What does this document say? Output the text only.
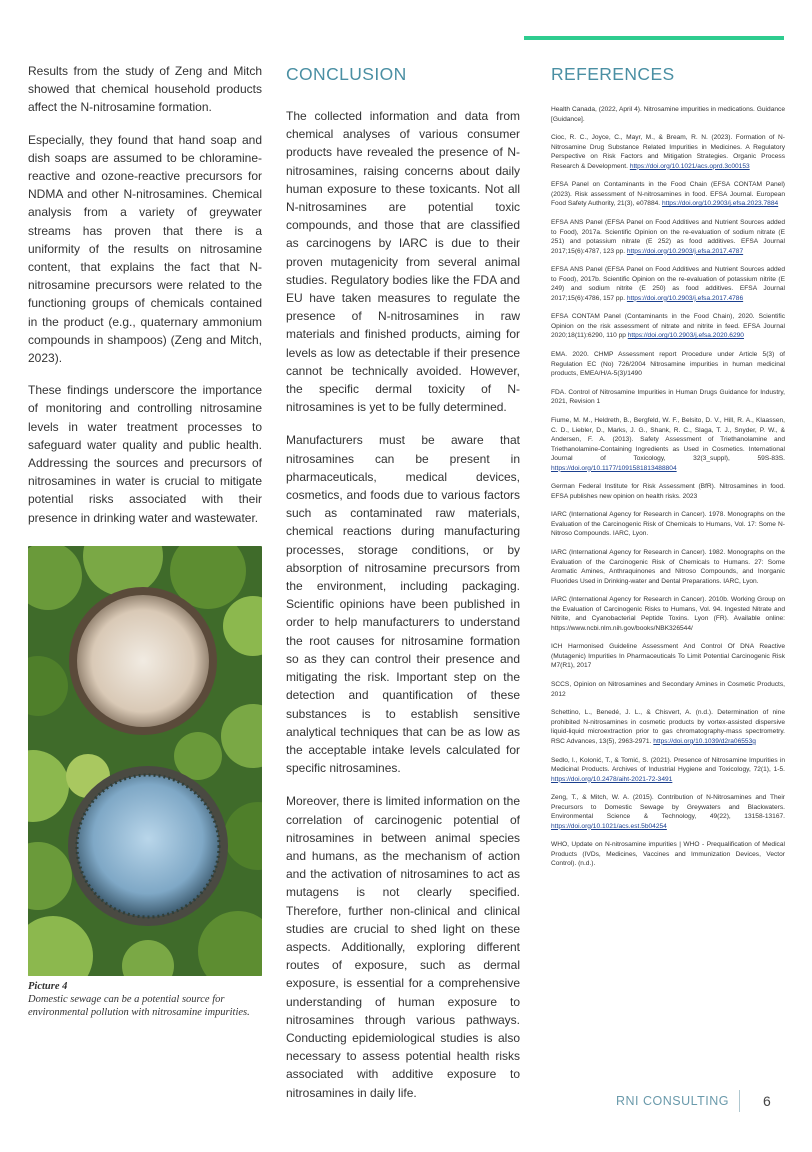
Results from the study of Zeng and Mitch showed that chemical household products affect the N-nitrosamine formation.

Especially, they found that hand soap and dish soaps are assumed to be chloramine-reactive and ozone-reactive precursors for NDMA and other N-nitrosamines. Chemical analysis from a variety of greywater streams has proven that there is a uniformity of the results on nitrosamine content, that explains the fact that N-nitrosamine precursors were related to the functioning groups of chemicals contained in the product (e.g., quaternary ammonium compounds in shampoos) (Zeng and Mitch, 2023).

These findings underscore the importance of monitoring and controlling nitrosamine levels in water treatment processes to safeguard water quality and public health. Addressing the sources and precursors of nitrosamines in water is crucial to mitigate potential risks associated with their presence in drinking water and wastewater.

Picture 4
Domestic sewage can be a potential source for environmental pollution with nitrosamine impurities.
CONCLUSION

The collected information and data from chemical analyses of various consumer products have revealed the presence of N-nitrosamines, raising concerns about daily human exposure to these toxicants. Not all N-nitrosamines are potential toxic compounds, and those that are classified as carcinogens by IARC is due to their proven mutagenicity from several animal studies. Regulatory bodies like the FDA and EU have taken measures to regulate the presence of N-nitrosamines in raw materials and finished products, aiming for levels as low as detectable if their presence cannot be technically avoided. However, the specific dermal toxicity of N-nitrosamines is yet to be fully determined.

Manufacturers must be aware that nitrosamines can be present in pharmaceuticals, medical devices, cosmetics, and foods due to various factors such as contaminated raw materials, chemical reactions during manufacturing processes, storage conditions, or by absorption of nitrosamine precursors from the environment, including packaging. Scientific opinions have been published in order to help manufacturers to understand the root causes for nitrosamine formation so as they can control their presence and mitigating the risk. Important step on the detection and quantification of these substances is to establish sensitive analytical techniques that can be as low as the acceptable intake levels calculated for specific nitrosamines.

Moreover, there is limited information on the correlation of carcinogenic potential of nitrosamines in between animal species and humans, as the mechanism of action and the activation of nitrosamines to act as mutagens is not clearly specified. Therefore, further non-clinical and clinical studies are crucial to shed light on these aspects. Additionally, exploring different routes of exposure, such as dermal exposure, is essential for a comprehensive understanding of human exposure to nitrosamines through various pathways. Conducting epidemiological studies is also necessary to assess potential health risks associated with additive exposure to nitrosamines in daily life.

REFERENCES
Health Canada, (2022, April 4). Nitrosamine impurities in medications. Guidance [Guidance].
Cioc, R. C., Joyce, C., Mayr, M., & Bream, R. N. (2023). Formation of N-Nitrosamine Drug Substance Related Impurities in Medicines. A Regulatory Perspective on Risk Factors and Mitigation Strategies. Organic Process Research & Development. https://doi.org/10.1021/acs.oprd.3c00153
EFSA Panel on Contaminants in the Food Chain (EFSA CONTAM Panel) (2023). Risk assessment of N-nitrosamines in food. EFSA Journal. European Food Safety Authority, 21(3), e07884. https://doi.org/10.2903/j.efsa.2023.7884
EFSA ANS Panel (EFSA Panel on Food Additives and Nutrient Sources added to Food), 2017a. Scientific Opinion on the re-evaluation of sodium nitrate (E 251) and potassium nitrate (E 252) as food additives. EFSA Journal 2017;15(6):4787, 123 pp. https://doi.org/10.2903/j.efsa.2017.4787
EFSA ANS Panel (EFSA Panel on Food Additives and Nutrient Sources added to Food), 2017b. Scientific Opinion on the re-evaluation of potassium nitrite (E 249) and sodium nitrite (E 250) as food additives. EFSA Journal 2017;15(6):4786, 157 pp. https://doi.org/10.2903/j.efsa.2017.4786
EFSA CONTAM Panel (Contaminants in the Food Chain), 2020. Scientific Opinion on the risk assessment of nitrate and nitrite in feed. EFSA Journal 2020;18(11):6290, 110 pp https://doi.org/10.2903/j.efsa.2020.6290
EMA. 2020. CHMP Assessment report Procedure under Article 5(3) of Regulation EC (No) 726/2004 Nitrosamine impurities in human medicinal products, EMEA/H/A-5(3)/1490
FDA. Control of Nitrosamine Impurities in Human Drugs Guidance for Industry, 2021, Revision 1
Fiume, M. M., Heldreth, B., Bergfeld, W. F., Belsito, D. V., Hill, R. A., Klaassen, C. D., Liebler, D., Marks, J. G., Shank, R. C., Slaga, T. J., Snyder, P. W., & Andersen, F. A. (2013). Safety Assessment of Triethanolamine and Triethanolamine-Containing Ingredients as Used in Cosmetics. International Journal of Toxicology, 32(3_suppl), 59S-83S. https://doi.org/10.1177/1091581813488804
German Federal Institute for Risk Assessment (BfR). Nitrosamines in food. EFSA publishes new opinion on health risks. 2023
IARC (International Agency for Research in Cancer). 1978. Monographs on the Evaluation of the Carcinogenic Risk of Chemicals to Humans, Vol. 17: Some N-Nitroso Compounds. IARC, Lyon.
IARC (International Agency for Research in Cancer). 1982. Monographs on the Evaluation of the Carcinogenic Risk of Chemicals to Humans. 27: Some Aromatic Amines, Anthraquinones and Nitroso Compounds, and Inorganic Fluorides Used in Drinking-water and Dental Preparations. IARC, Lyon.
IARC (International Agency for Research in Cancer). 2010b. Working Group on the Evaluation of Carcinogenic Risks to Humans, Vol. 94. Ingested Nitrate and Nitrite, and Cyanobacterial Peptide Toxins. Lyon (FR). Available online: https://www.ncbi.nlm.nih.gov/books/NBK326544/
ICH Harmonised Guideline Assessment And Control Of DNA Reactive (Mutagenic) Impurities In Pharmaceuticals To Limit Potential Carcinogenic Risk M7(R1), 2017
SCCS, Opinion on Nitrosamines and Secondary Amines in Cosmetic Products, 2012
Schettino, L., Benedé, J. L., & Chisvert, A. (n.d.). Determination of nine prohibited N-nitrosamines in cosmetic products by vortex-assisted dispersive liquid-liquid microextraction prior to gas chromatography-mass spectrometry. RSC Advances, 13(5), 2963-2971. https://doi.org/10.1039/d2ra06553g
Sedlo, I., Kolonić, T., & Tomić, S. (2021). Presence of Nitrosamine Impurities in Medicinal Products. Archives of Industrial Hygiene and Toxicology, 72(1), 1-5. https://doi.org/10.2478/aiht-2021-72-3491
Zeng, T., & Mitch, W. A. (2015). Contribution of N-Nitrosamines and Their Precursors to Domestic Sewage by Greywaters and Blackwaters. Environmental Science & Technology, 49(22), 13158-13167. https://doi.org/10.1021/acs.est.5b04254
WHO, Update on N-nitrosamine impurities | WHO - Prequalification of Medical Products (IVDs, Medicines, Vaccines and Immunization Devices, Vector Control). (n.d.).
RNI CONSULTING 6
